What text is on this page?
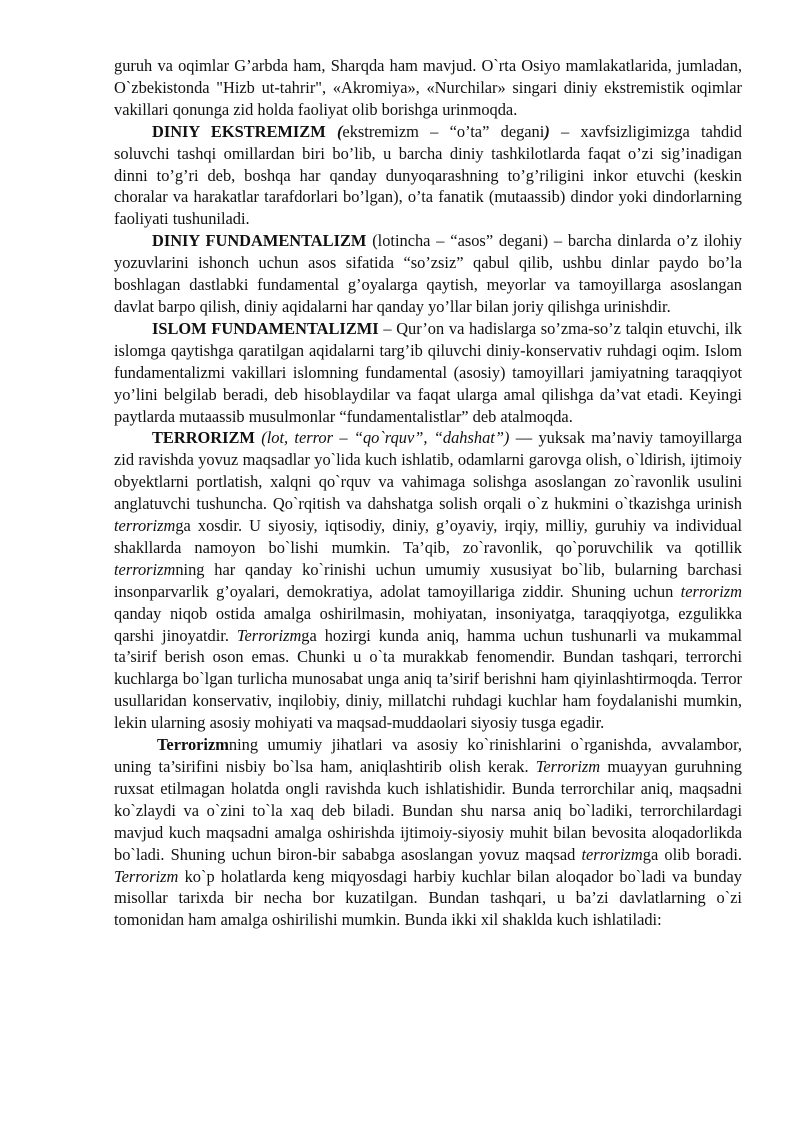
guruh va oqimlar G’arbda ham, Sharqda ham mavjud. O`rta Osiyo mamlakatlarida, jumladan, O`zbekistonda "Hizb ut-tahrir", «Akromiya», «Nurchilar» singari diniy ekstremistik oqimlar vakillari qonunga zid holda faoliyat olib borishga urinmoqda.

DINIY EKSTREMIZM (ekstremizm – “o’ta” degani) – xavfsizligimizga tahdid soluvchi tashqi omillardan biri bo’lib, u barcha diniy tashkilotlarda faqat o’zi sig’inadigan dinni to’g’ri deb, boshqa har qanday dunyoqarashning to’g’riligini inkor etuvchi (keskin choralar va harakatlar tarafdorlari bo’lgan), o’ta fanatik (mutaassib) dindor yoki dindorlarning faoliyati tushuniladi.

DINIY FUNDAMENTALIZM (lotincha – “asos” degani) – barcha dinlarda o’z ilohiy yozuvlarini ishonch uchun asos sifatida “so’zsiz” qabul qilib, ushbu dinlar paydo bo’la boshlagan dastlabki fundamental g’oyalarga qaytish, meyorlar va tamoyillarga asoslangan davlat barpo qilish, diniy aqidalarni har qanday yo’llar bilan joriy qilishga urinishdir.

ISLOM FUNDAMENTALIZMI – Qur’on va hadislarga so’zma-so’z talqin etuvchi, ilk islomga qaytishga qaratilgan aqidalarni targ’ib qiluvchi diniy-konservativ ruhdagi oqim. Islom fundamentalizmi vakillari islomning fundamental (asosiy) tamoyillari jamiyatning taraqqiyot yo’lini belgilab beradi, deb hisoblaydilar va faqat ularga amal qilishga da’vat etadi. Keyingi paytlarda mutaassib musulmonlar “fundamentalistlar” deb atalmoqda.

TERRORIZM (lot, terror – “qo`rquv”, “dahshat”) — yuksak ma’naviy tamoyillarga zid ravishda yovuz maqsadlar yo`lida kuch ishlatib, odamlarni garovga olish, o`ldirish, ijtimoiy obyektlarni portlatish, xalqni qo`rquv va vahimaga solishga asoslangan zo`ravonlik usulini anglatuvchi tushuncha. Qo`rqitish va dahshatga solish orqali o`z hukmini o`tkazishga urinish terrorizmga xosdir. U siyosiy, iqtisodiy, diniy, g’oyaviy, irqiy, milliy, guruhiy va individual shakllarda namoyon bo`lishi mumkin. Ta’qib, zo`ravonlik, qo`poruvchilik va qotillik terrorizmning har qanday ko`rinishi uchun umumiy xususiyat bo`lib, bularning barchasi insonparvarlik g’oyalari, demokratiya, adolat tamoyillariga ziddir. Shuning uchun terrorizm qanday niqob ostida amalga oshirilmasin, mohiyatan, insoniyatga, taraqqiyotga, ezgulikka qarshi jinoyatdir. Terrorizmga hozirgi kunda aniq, hamma uchun tushunarli va mukammal ta’sirif berish oson emas. Chunki u o`ta murakkab fenomendir. Bundan tashqari, terrorchi kuchlarga bo`lgan turlicha munosabat unga aniq ta’sirif berishni ham qiyinlashtirmoqda. Terror usullaridan konservativ, inqilobiy, diniy, millatchi ruhdagi kuchlar ham foydalanishi mumkin, lekin ularning asosiy mohiyati va maqsad-muddaolari siyosiy tusga egadir.

Terrorizmning umumiy jihatlari va asosiy ko`rinishlarini o`rganishda, avvalambor, uning ta’sirifini nisbiy bo`lsa ham, aniqlashtirib olish kerak. Terrorizm muayyan guruhning ruxsat etilmagan holatda ongli ravishda kuch ishlatishidir. Bunda terrorchilar aniq, maqsadni ko`zlaydi va o`zini to`la xaq deb biladi. Bundan shu narsa aniq bo`ladiki, terrorchilardagi mavjud kuch maqsadni amalga oshirishda ijtimoiy-siyosiy muhit bilan bevosita aloqadorlikda bo`ladi. Shuning uchun biron-bir sababga asoslangan yovuz maqsad terrorizmga olib boradi. Terrorizm ko`p holatlarda keng miqyosdagi harbiy kuchlar bilan aloqador bo`ladi va bunday misollar tarixda bir necha bor kuzatilgan. Bundan tashqari, u ba’zi davlatlarning o`zi tomonidan ham amalga oshirilishi mumkin. Bunda ikki xil shaklda kuch ishlatiladi:
